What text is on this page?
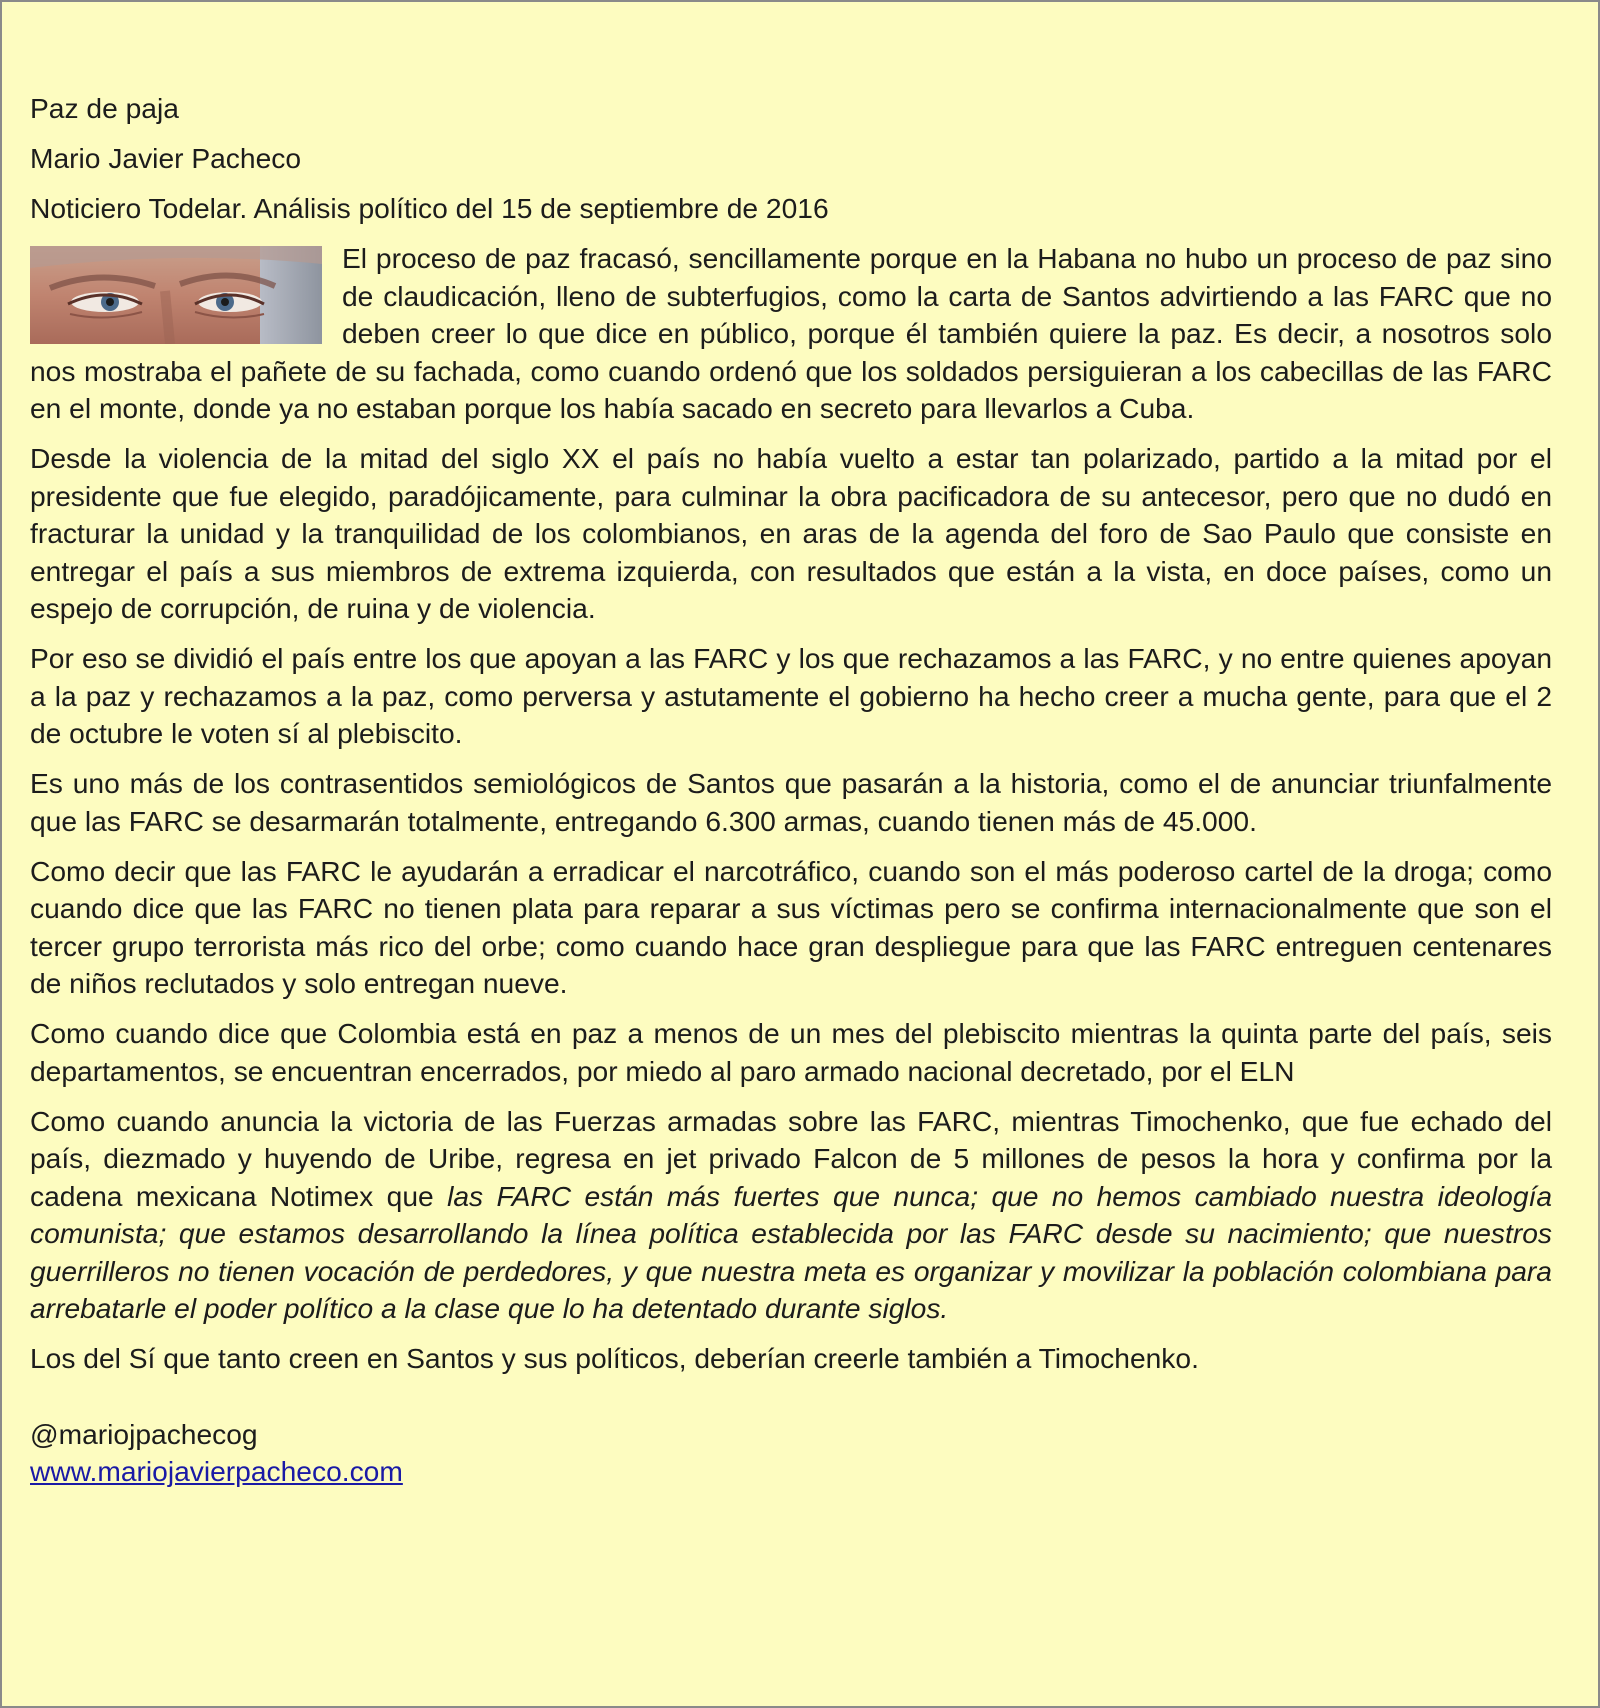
Paz de paja
Mario Javier Pacheco
Noticiero Todelar. Análisis político del 15 de septiembre de 2016

El proceso de paz fracasó, sencillamente porque en la Habana no hubo un proceso de paz sino de claudicación, lleno de subterfugios, como la carta de Santos advirtiendo a las FARC que no deben creer lo que dice en público, porque él también quiere la paz. Es decir, a nosotros solo nos mostraba el pañete de su fachada, como cuando ordenó que los soldados persiguieran a los cabecillas de las FARC en el monte, donde ya no estaban porque los había sacado en secreto para llevarlos a Cuba.

Desde la violencia de la mitad del siglo XX el país no había vuelto a estar tan polarizado, partido a la mitad por el presidente que fue elegido, paradójicamente, para culminar la obra pacificadora de su antecesor, pero que no dudó en fracturar la unidad y la tranquilidad de los colombianos, en aras de la agenda del foro de Sao Paulo que consiste en entregar el país a sus miembros de extrema izquierda, con resultados que están a la vista, en doce países, como un espejo de corrupción, de ruina y de violencia.

Por eso se dividió el país entre los que apoyan a las FARC y los que rechazamos a las FARC, y no entre quienes apoyan a la paz y rechazamos a la paz, como perversa y astutamente el gobierno ha hecho creer a mucha gente, para que el 2 de octubre le voten sí al plebiscito.

Es uno más de los contrasentidos semiológicos de Santos que pasarán a la historia, como el de anunciar triunfalmente que las FARC se desarmarán totalmente, entregando 6.300 armas, cuando tienen más de 45.000.

Como decir que las FARC le ayudarán a erradicar el narcotráfico, cuando son el más poderoso cartel de la droga; como cuando dice que las FARC no tienen plata para reparar a sus víctimas pero se confirma internacionalmente que son el tercer grupo terrorista más rico del orbe; como cuando hace gran despliegue para que las FARC entreguen centenares de niños reclutados y solo entregan nueve.

Como cuando dice que Colombia está en paz a menos de un mes del plebiscito mientras la quinta parte del país, seis departamentos, se encuentran encerrados, por miedo al paro armado nacional decretado, por el ELN

Como cuando anuncia la victoria de las Fuerzas armadas sobre las FARC, mientras Timochenko, que fue echado del país, diezmado y huyendo de Uribe, regresa en jet privado Falcon de 5 millones de pesos la hora y confirma por la cadena mexicana Notimex que las FARC están más fuertes que nunca; que no hemos cambiado nuestra ideología comunista; que estamos desarrollando la línea política establecida por las FARC desde su nacimiento; que nuestros guerrilleros no tienen vocación de perdedores, y que nuestra meta es organizar y movilizar la población colombiana para arrebatarle el poder político a la clase que lo ha detentado durante siglos.

Los del Sí que tanto creen en Santos y sus políticos, deberían creerle también a Timochenko.

@mariojpachecog
www.mariojavierpacheco.com
